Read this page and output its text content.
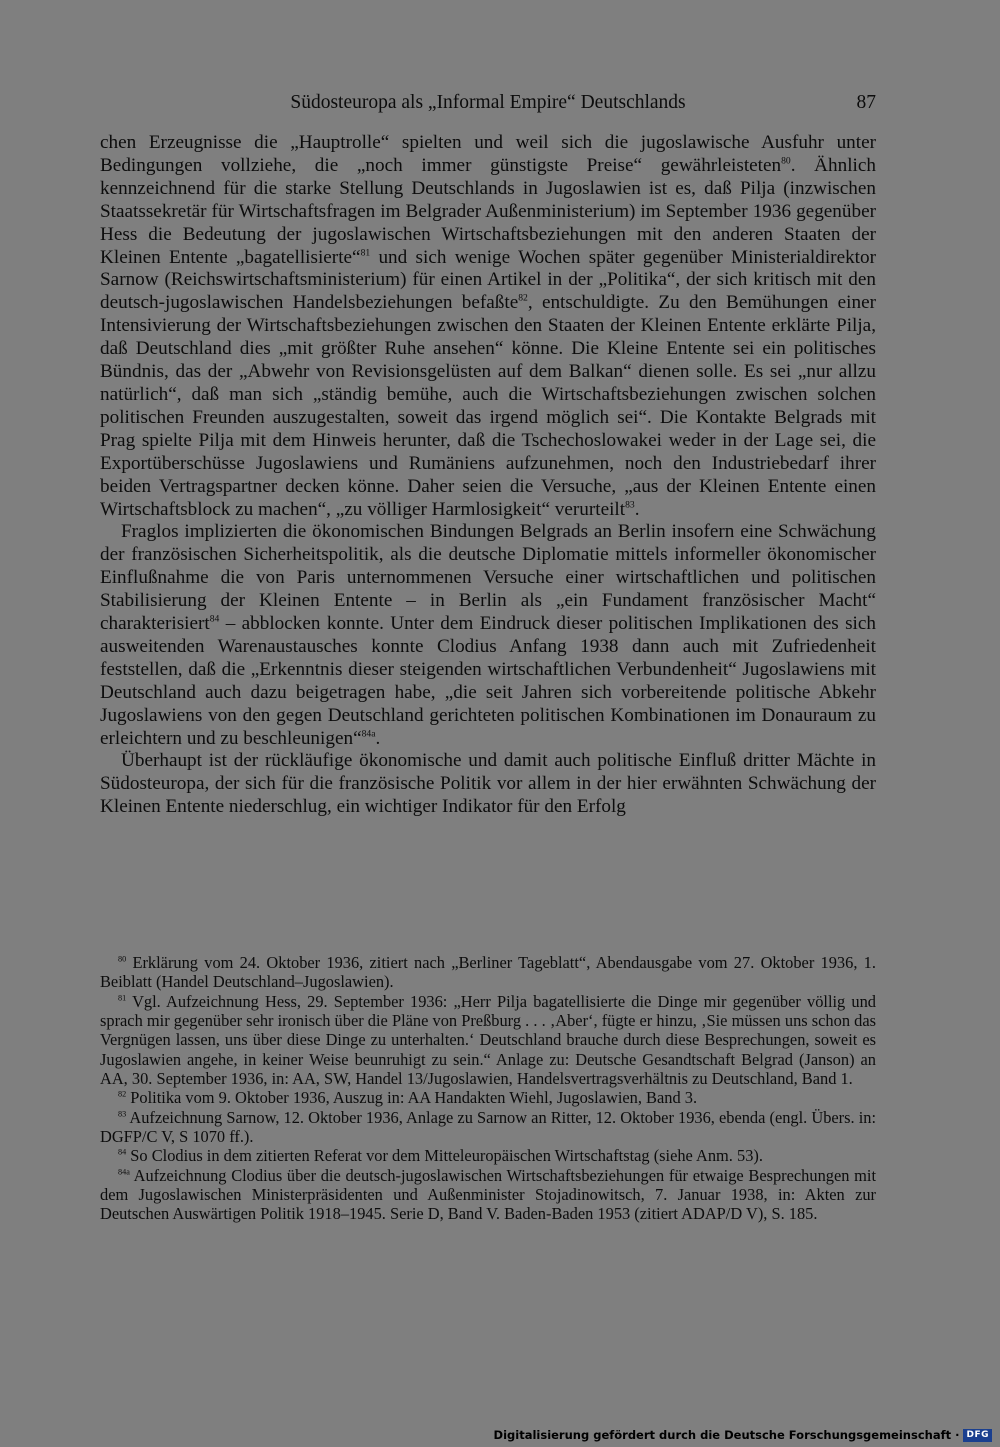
Südosteuropa als „Informal Empire“ Deutschlands	87

chen Erzeugnisse die „Hauptrolle“ spielten und weil sich die jugoslawische Ausfuhr unter Bedingungen vollziehe, die „noch immer günstigste Preise“ gewährleisteten$^{80}$. Ähnlich kennzeichnend für die starke Stellung Deutschlands in Jugoslawien ist es, daß Pilja (inzwischen Staatssekretär für Wirtschaftsfragen im Belgrader Außenministerium) im September 1936 gegenüber Hess die Bedeutung der jugoslawischen Wirtschaftsbeziehungen mit den anderen Staaten der Kleinen Entente „bagatellisierte“$^{81}$ und sich wenige Wochen später gegenüber Ministerialdirektor Sarnow (Reichswirtschaftsministerium) für einen Artikel in der „Politika“, der sich kritisch mit den deutsch-jugoslawischen Handelsbeziehungen befaßte$^{82}$, entschuldigte. Zu den Bemühungen einer Intensivierung der Wirtschaftsbeziehungen zwischen den Staaten der Kleinen Entente erklärte Pilja, daß Deutschland dies „mit größter Ruhe ansehen“ könne. Die Kleine Entente sei ein politisches Bündnis, das der „Abwehr von Revisionsgelüsten auf dem Balkan“ dienen solle. Es sei „nur allzu natürlich“, daß man sich „ständig bemühe, auch die Wirtschaftsbeziehungen zwischen solchen politischen Freunden auszugestalten, soweit das irgend möglich sei“. Die Kontakte Belgrads mit Prag spielte Pilja mit dem Hinweis herunter, daß die Tschechoslowakei weder in der Lage sei, die Exportüberschüsse Jugoslawiens und Rumäniens aufzunehmen, noch den Industriebedarf ihrer beiden Vertragspartner decken könne. Daher seien die Versuche, „aus der Kleinen Entente einen Wirtschaftsblock zu machen“, „zu völliger Harmlosigkeit“ verurteilt$^{83}$.

Fraglos implizierten die ökonomischen Bindungen Belgrads an Berlin insofern eine Schwächung der französischen Sicherheitspolitik, als die deutsche Diplomatie mittels informeller ökonomischer Einflußnahme die von Paris unternommenen Versuche einer wirtschaftlichen und politischen Stabilisierung der Kleinen Entente – in Berlin als „ein Fundament französischer Macht“ charakterisiert$^{84}$ – abblocken konnte. Unter dem Eindruck dieser politischen Implikationen des sich ausweitenden Warenaustausches konnte Clodius Anfang 1938 dann auch mit Zufriedenheit feststellen, daß die „Erkenntnis dieser steigenden wirtschaftlichen Verbundenheit“ Jugoslawiens mit Deutschland auch dazu beigetragen habe, „die seit Jahren sich vorbereitende politische Abkehr Jugoslawiens von den gegen Deutschland gerichteten politischen Kombinationen im Donauraum zu erleichtern und zu beschleunigen“$^{84a}$.

Überhaupt ist der rückläufige ökonomische und damit auch politische Einfluß dritter Mächte in Südosteuropa, der sich für die französische Politik vor allem in der hier erwähnten Schwächung der Kleinen Entente niederschlug, ein wichtiger Indikator für den Erfolg

$^{80}$ Erklärung vom 24. Oktober 1936, zitiert nach „Berliner Tageblatt“, Abendausgabe vom 27. Oktober 1936, 1. Beiblatt (Handel Deutschland–Jugoslawien).
$^{81}$ Vgl. Aufzeichnung Hess, 29. September 1936: „Herr Pilja bagatellisierte die Dinge mir gegenüber völlig und sprach mir gegenüber sehr ironisch über die Pläne von Preßburg . . . ‚Aber‘, fügte er hinzu, ‚Sie müssen uns schon das Vergnügen lassen, uns über diese Dinge zu unterhalten.‘ Deutschland brauche durch diese Besprechungen, soweit es Jugoslawien angehe, in keiner Weise beunruhigt zu sein.“ Anlage zu: Deutsche Gesandtschaft Belgrad (Janson) an AA, 30. September 1936, in: AA, SW, Handel 13/Jugoslawien, Handelsvertragsverhältnis zu Deutschland, Band 1.
$^{82}$ Politika vom 9. Oktober 1936, Auszug in: AA Handakten Wiehl, Jugoslawien, Band 3.
$^{83}$ Aufzeichnung Sarnow, 12. Oktober 1936, Anlage zu Sarnow an Ritter, 12. Oktober 1936, ebenda (engl. Übers. in: DGFP/C V, S 1070 ff.).
$^{84}$ So Clodius in dem zitierten Referat vor dem Mitteleuropäischen Wirtschaftstag (siehe Anm. 53).
$^{84a}$ Aufzeichnung Clodius über die deutsch-jugoslawischen Wirtschaftsbeziehungen für etwaige Besprechungen mit dem Jugoslawischen Ministerpräsidenten und Außenminister Stojadinowitsch, 7. Januar 1938, in: Akten zur Deutschen Auswärtigen Politik 1918–1945. Serie D, Band V. Baden-Baden 1953 (zitiert ADAP/D V), S. 185.
Digitalisierung gefördert durch die Deutsche Forschungsgemeinschaft · DFG
